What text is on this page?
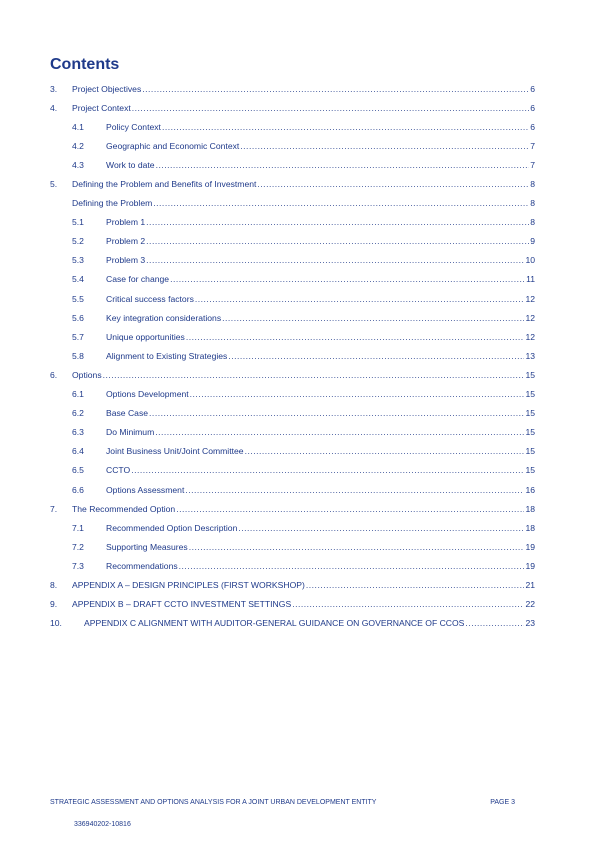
Contents
3.	Project Objectives .....	6
4.	Project Context .....	6
4.1	Policy Context .....	6
4.2	Geographic and Economic Context .....	7
4.3	Work to date .....	7
5.	Defining the Problem and Benefits of Investment .....	8
Defining the Problem .....	8
5.1	Problem 1 .....	8
5.2	Problem 2 .....	9
5.3	Problem 3 .....	10
5.4	Case for change .....	11
5.5	Critical success factors .....	12
5.6	Key integration considerations .....	12
5.7	Unique opportunities .....	12
5.8	Alignment to Existing Strategies .....	13
6.	Options .....	15
6.1	Options Development .....	15
6.2	Base Case .....	15
6.3	Do Minimum .....	15
6.4	Joint Business Unit/Joint Committee .....	15
6.5	CCTO .....	15
6.6	Options Assessment .....	16
7.	The Recommended Option .....	18
7.1	Recommended Option Description .....	18
7.2	Supporting Measures .....	19
7.3	Recommendations .....	19
8.	APPENDIX A – DESIGN PRINCIPLES (FIRST WORKSHOP) .....	21
9.	APPENDIX B – DRAFT CCTO INVESTMENT SETTINGS .....	22
10.	APPENDIX C ALIGNMENT WITH AUDITOR-GENERAL GUIDANCE ON GOVERNANCE OF CCOS .....	23
STRATEGIC ASSESSMENT AND OPTIONS ANALYSIS FOR A JOINT URBAN DEVELOPMENT ENTITY	PAGE 3
336940202-10816
